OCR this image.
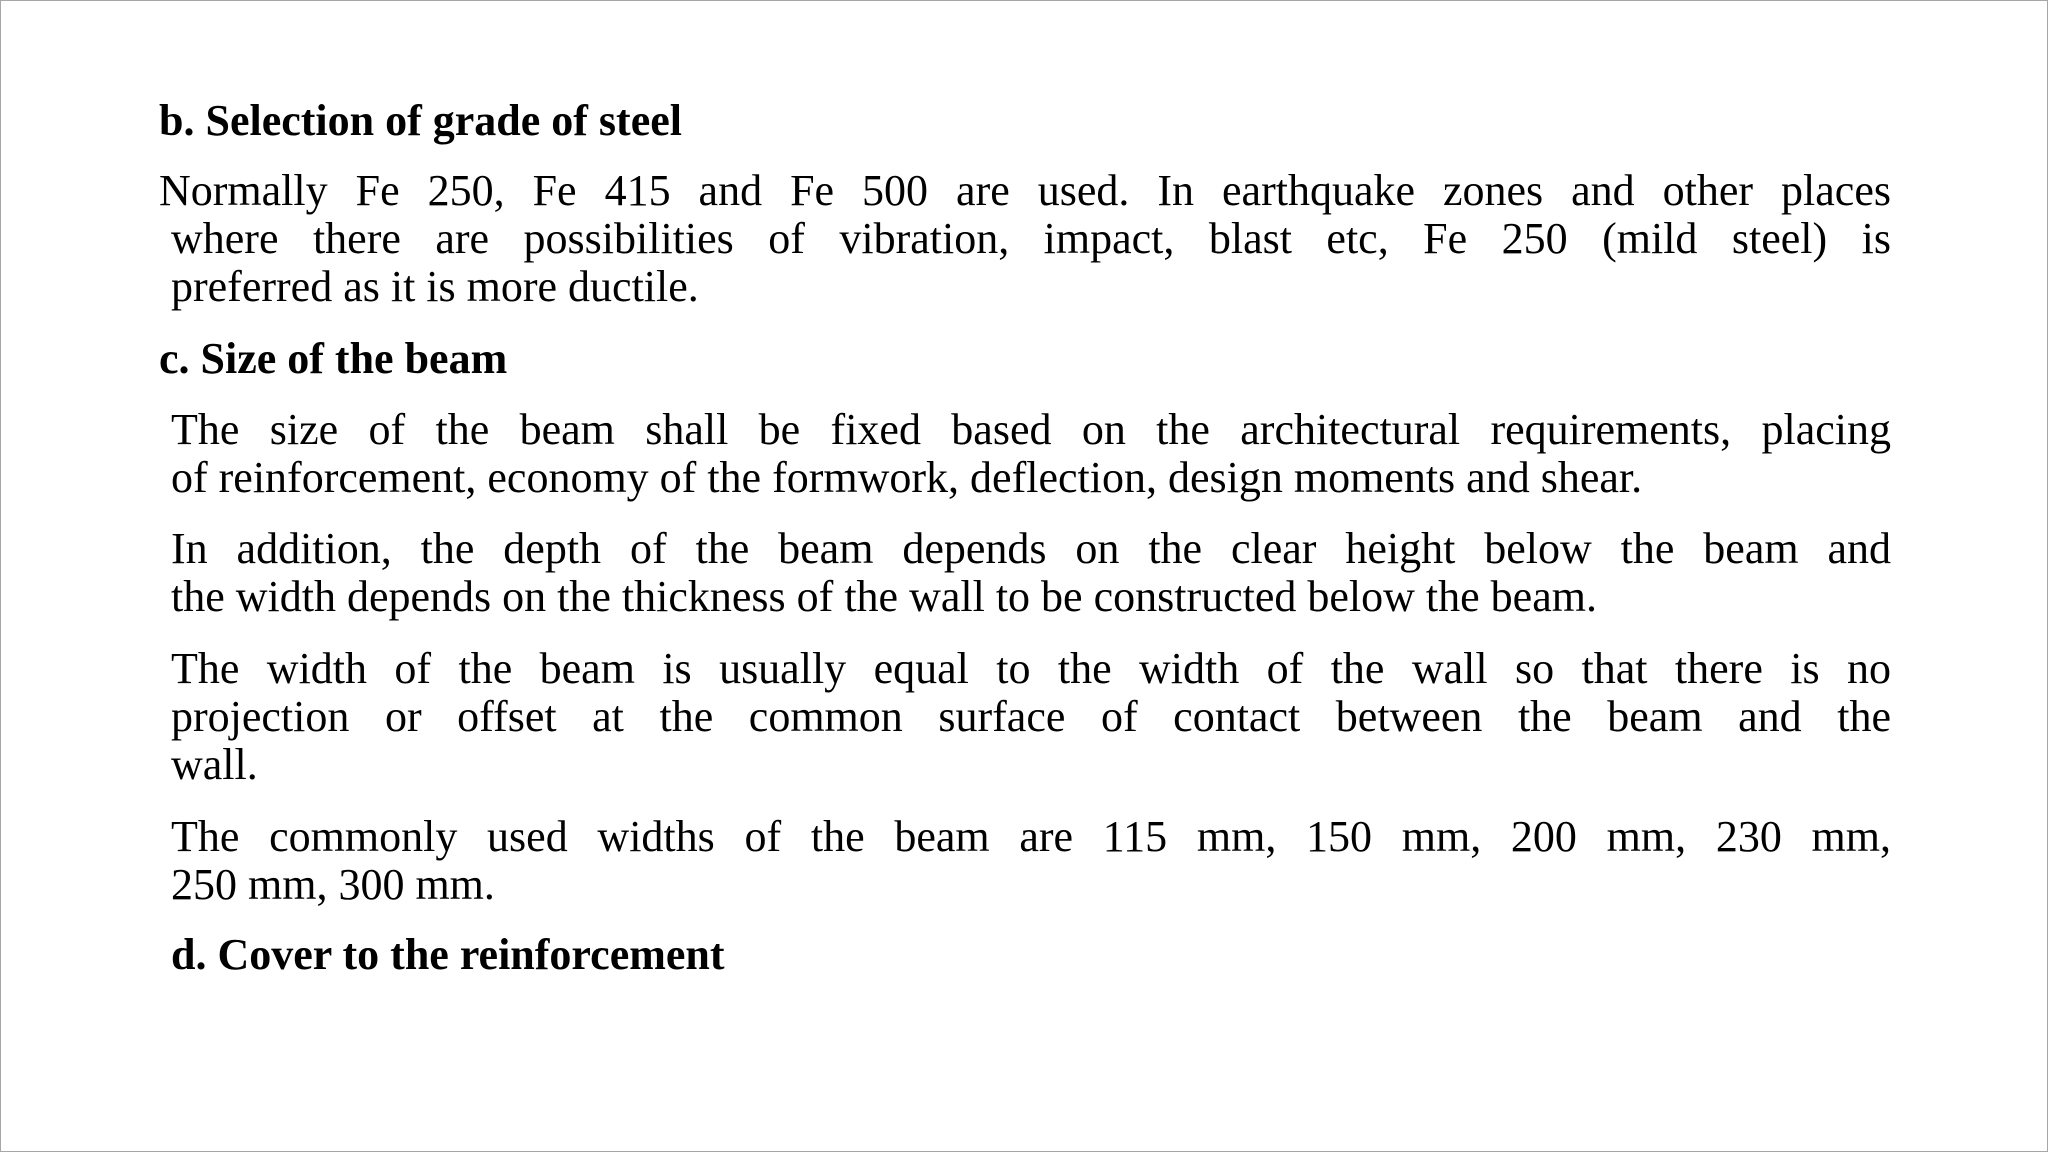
b. Selection of grade of steel

Normally Fe 250, Fe 415 and Fe 500 are used. In earthquake zones and other places
where there are possibilities of vibration, impact, blast etc, Fe 250 (mild steel) is
preferred as it is more ductile.

c. Size of the beam

The size of the beam shall be fixed based on the architectural requirements, placing
of reinforcement, economy of the formwork, deflection, design moments and shear.

In addition, the depth of the beam depends on the clear height below the beam and
the width depends on the thickness of the wall to be constructed below the beam.

The width of the beam is usually equal to the width of the wall so that there is no
projection or offset at the common surface of contact between the beam and the
wall.

The commonly used widths of the beam are 115 mm, 150 mm, 200 mm, 230 mm,
250 mm, 300 mm.

d. Cover to the reinforcement
